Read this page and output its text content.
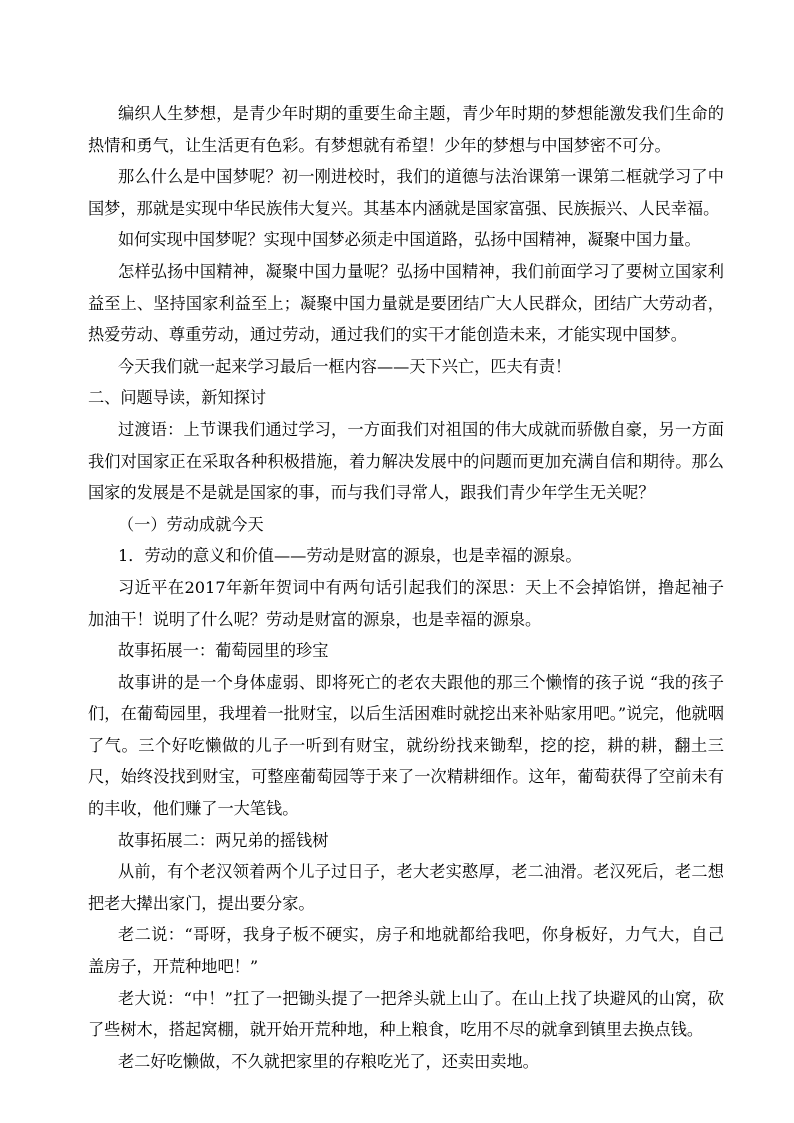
编织人生梦想，是青少年时期的重要生命主题，青少年时期的梦想能激发我们生命的热情和勇气，让生活更有色彩。有梦想就有希望！少年的梦想与中国梦密不可分。

那么什么是中国梦呢？初一刚进校时，我们的道德与法治课第一课第二框就学习了中国梦，那就是实现中华民族伟大复兴。其基本内涵就是国家富强、民族振兴、人民幸福。

如何实现中国梦呢？实现中国梦必须走中国道路，弘扬中国精神，凝聚中国力量。

怎样弘扬中国精神，凝聚中国力量呢？弘扬中国精神，我们前面学习了要树立国家利益至上、坚持国家利益至上；凝聚中国力量就是要团结广大人民群众，团结广大劳动者，热爱劳动、尊重劳动，通过劳动，通过我们的实干才能创造未来，才能实现中国梦。

今天我们就一起来学习最后一框内容——天下兴亡，匹夫有责！

二、问题导读，新知探讨

过渡语：上节课我们通过学习，一方面我们对祖国的伟大成就而骄傲自豪，另一方面我们对国家正在采取各种积极措施，着力解决发展中的问题而更加充满自信和期待。那么国家的发展是不是就是国家的事，而与我们寻常人，跟我们青少年学生无关呢？

（一）劳动成就今天

1．劳动的意义和价值——劳动是财富的源泉，也是幸福的源泉。

习近平在2017年新年贺词中有两句话引起我们的深思：天上不会掉馅饼，撸起袖子加油干！说明了什么呢？劳动是财富的源泉，也是幸福的源泉。

故事拓展一：葡萄园里的珍宝

故事讲的是一个身体虚弱、即将死亡的老农夫跟他的那三个懒惰的孩子说 “我的孩子们，在葡萄园里，我埋着一批财宝，以后生活困难时就挖出来补贴家用吧。”说完，他就咽了气。三个好吃懒做的儿子一听到有财宝，就纷纷找来锄犁，挖的挖，耕的耕，翻土三尺，始终没找到财宝，可整座葡萄园等于来了一次精耕细作。这年，葡萄获得了空前未有的丰收，他们赚了一大笔钱。

故事拓展二：两兄弟的摇钱树

从前，有个老汉领着两个儿子过日子，老大老实憨厚，老二油滑。老汉死后，老二想把老大撵出家门，提出要分家。

老二说：“哥呀，我身子板不硬实，房子和地就都给我吧，你身板好，力气大，自己盖房子，开荒种地吧！”

老大说：“中！”扛了一把锄头提了一把斧头就上山了。在山上找了块避风的山窝，砍了些树木，搭起窝棚，就开始开荒种地，种上粮食，吃用不尽的就拿到镇里去换点钱。

老二好吃懒做，不久就把家里的存粮吃光了，还卖田卖地。
